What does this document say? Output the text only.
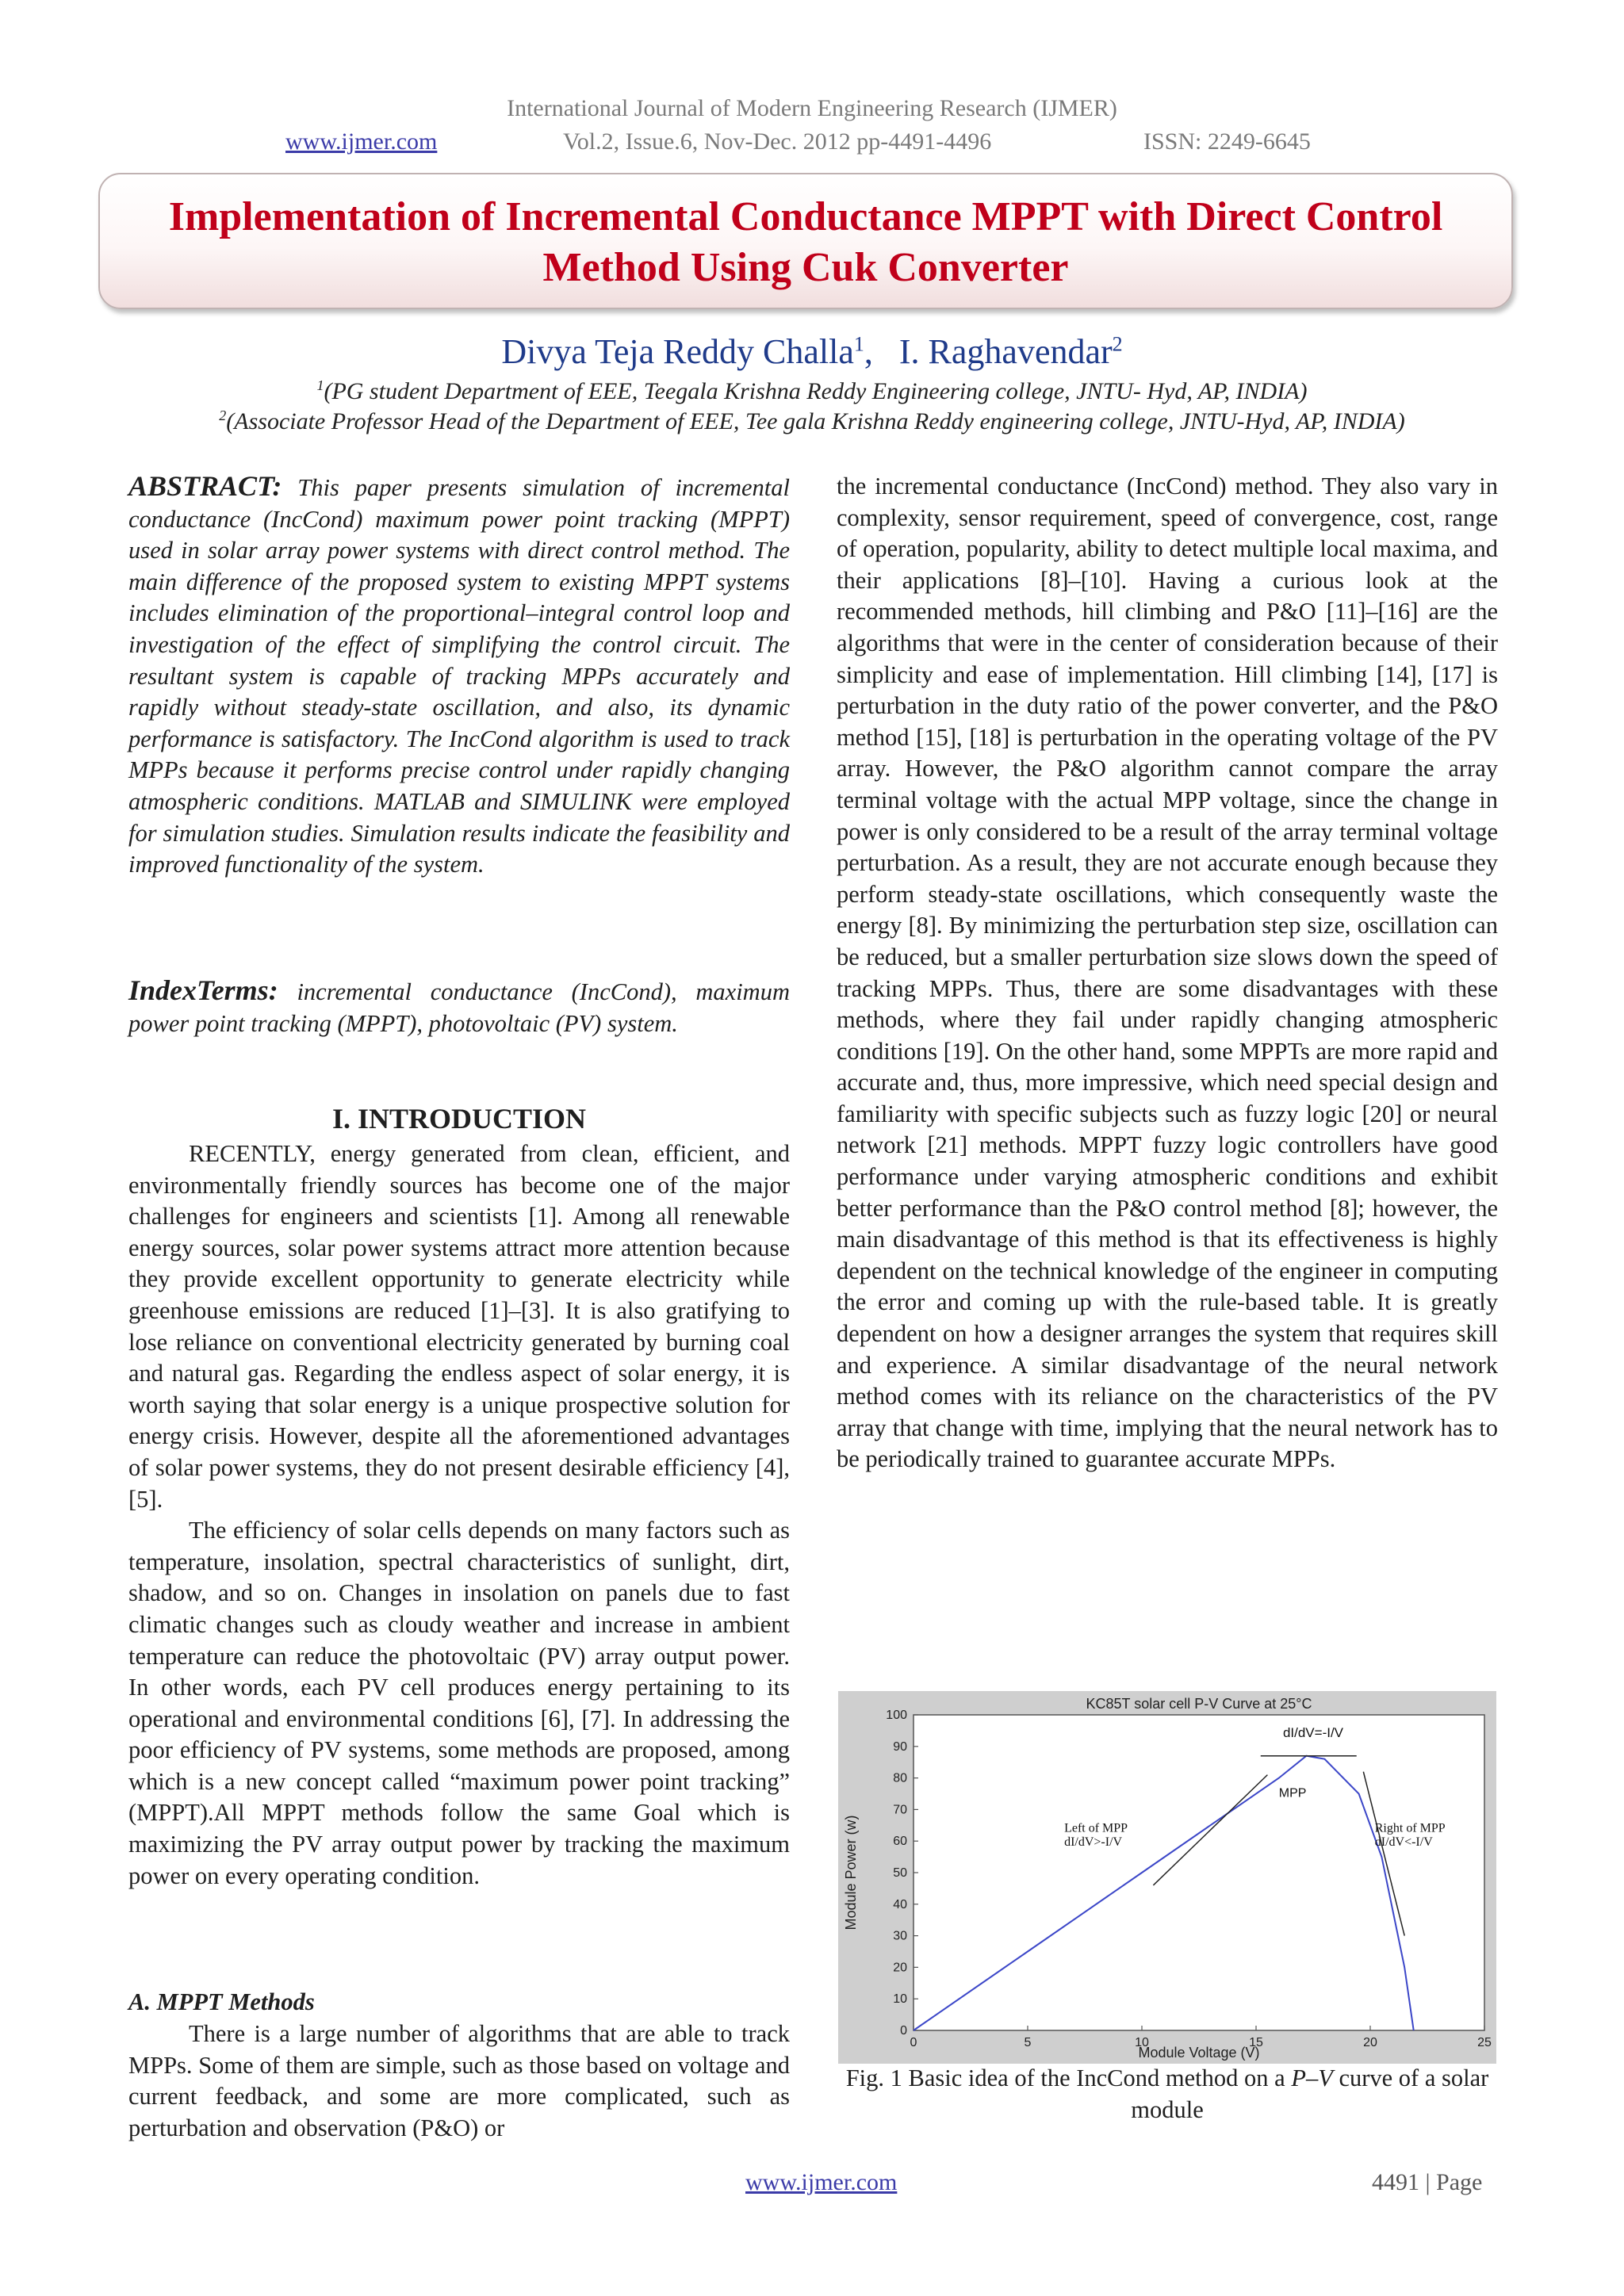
International Journal of Modern Engineering Research (IJMER)
www.ijmer.com	Vol.2, Issue.6, Nov-Dec. 2012 pp-4491-4496	ISSN: 2249-6645
Implementation of Incremental Conductance MPPT with Direct Control
Method Using Cuk Converter
Divya Teja Reddy Challa$^1$, I. Raghavendar$^2$
$^1$(PG student Department of EEE, Teegala Krishna Reddy Engineering college, JNTU- Hyd, AP, INDIA)
$^2$(Associate Professor Head of the Department of EEE, Tee gala Krishna Reddy engineering college, JNTU-Hyd, AP, INDIA)

ABSTRACT: This paper presents simulation of incremental conductance (IncCond) maximum power point tracking (MPPT) used in solar array power systems with direct control method. The main difference of the proposed system to existing MPPT systems includes elimination of the proportional–integral control loop and investigation of the effect of simplifying the control circuit. The resultant system is capable of tracking MPPs accurately and rapidly without steady-state oscillation, and also, its dynamic performance is satisfactory. The IncCond algorithm is used to track MPPs because it performs precise control under rapidly changing atmospheric conditions. MATLAB and SIMULINK were employed for simulation studies. Simulation results indicate the feasibility and improved functionality of the system.

IndexTerms: incremental conductance (IncCond), maximum power point tracking (MPPT), photovoltaic (PV) system.

I. INTRODUCTION

RECENTLY, energy generated from clean, efficient, and environmentally friendly sources has become one of the major challenges for engineers and scientists [1]. Among all renewable energy sources, solar power systems attract more attention because they provide excellent opportunity to generate electricity while greenhouse emissions are reduced [1]–[3]. It is also gratifying to lose reliance on conventional electricity generated by burning coal and natural gas. Regarding the endless aspect of solar energy, it is worth saying that solar energy is a unique prospective solution for energy crisis. However, despite all the aforementioned advantages of solar power systems, they do not present desirable efficiency [4], [5].

The efficiency of solar cells depends on many factors such as temperature, insolation, spectral characteristics of sunlight, dirt, shadow, and so on. Changes in insolation on panels due to fast climatic changes such as cloudy weather and increase in ambient temperature can reduce the photovoltaic (PV) array output power. In other words, each PV cell produces energy pertaining to its operational and environmental conditions [6], [7]. In addressing the poor efficiency of PV systems, some methods are proposed, among which is a new concept called “maximum power point tracking” (MPPT).All MPPT methods follow the same Goal which is maximizing the PV array output power by tracking the maximum power on every operating condition.

A. MPPT Methods

There is a large number of algorithms that are able to track MPPs. Some of them are simple, such as those based on voltage and current feedback, and some are more complicated, such as perturbation and observation (P&O) or

the incremental conductance (IncCond) method. They also vary in complexity, sensor requirement, speed of convergence, cost, range of operation, popularity, ability to detect multiple local maxima, and their applications [8]–[10]. Having a curious look at the recommended methods, hill climbing and P&O [11]–[16] are the algorithms that were in the center of consideration because of their simplicity and ease of implementation. Hill climbing [14], [17] is perturbation in the duty ratio of the power converter, and the P&O method [15], [18] is perturbation in the operating voltage of the PV array. However, the P&O algorithm cannot compare the array terminal voltage with the actual MPP voltage, since the change in power is only considered to be a result of the array terminal voltage perturbation. As a result, they are not accurate enough because they perform steady-state oscillations, which consequently waste the energy [8]. By minimizing the perturbation step size, oscillation can be reduced, but a smaller perturbation size slows down the speed of tracking MPPs. Thus, there are some disadvantages with these methods, where they fail under rapidly changing atmospheric conditions [19]. On the other hand, some MPPTs are more rapid and accurate and, thus, more impressive, which need special design and familiarity with specific subjects such as fuzzy logic [20] or neural network [21] methods. MPPT fuzzy logic controllers have good performance under varying atmospheric conditions and exhibit better performance than the P&O control method [8]; however, the main disadvantage of this method is that its effectiveness is highly dependent on the technical knowledge of the engineer in computing the error and coming up with the rule-based table. It is greatly dependent on how a designer arranges the system that requires skill and experience. A similar disadvantage of the neural network method comes with its reliance on the characteristics of the PV array that change with time, implying that the neural network has to be periodically trained to guarantee accurate MPPs.

KC85T solar cell P-V Curve at 25°C
Module Voltage (V)
Module Power (w)
0	5	10	15	20	25
0
10
20
30
40
50
60
70
80
90
100
dI/dV=-I/V
MPP
Left of MPP
dI/dV>-I/V
Right of MPP
dI/dV<-I/V
Fig. 1 Basic idea of the IncCond method on a P–V curve of a solar module
www.ijmer.com	4491 | Page
